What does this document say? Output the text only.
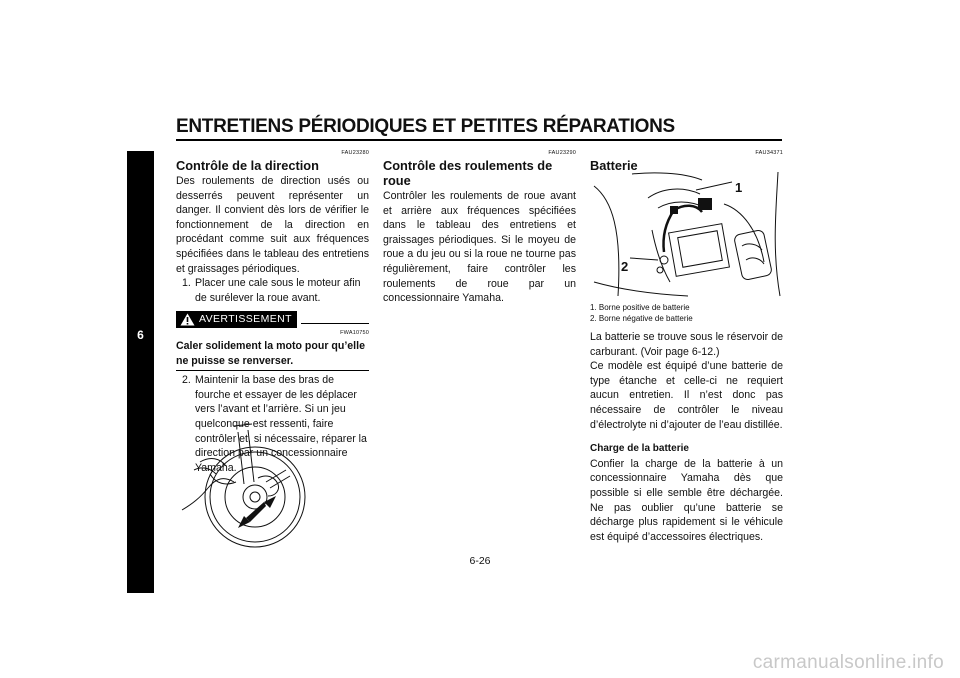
ENTRETIENS PÉRIODIQUES ET PETITES RÉPARATIONS
6
FAU23280
Contrôle de la direction

Des roulements de direction usés ou desserrés peuvent représenter un danger. Il convient dès lors de vérifier le fonctionnement de la direction en procédant comme suit aux fréquences spécifiées dans le tableau des entretiens et graissages périodiques.

1. Placer une cale sous le moteur afin de surélever la roue avant.
AVERTISSEMENT
FWA10750
Caler solidement la moto pour qu’elle ne puisse se renverser.
2. Maintenir la base des bras de fourche et essayer de les déplacer vers l’avant et l’arrière. Si un jeu quelconque est ressenti, faire contrôler et, si nécessaire, réparer la direction par un concessionnaire Yamaha.
FAU23290
Contrôle des roulements de roue

Contrôler les roulements de roue avant et arrière aux fréquences spécifiées dans le tableau des entretiens et graissages périodiques. Si le moyeu de roue a du jeu ou si la roue ne tourne pas régulièrement, faire contrôler les roulements de roue par un concessionnaire Yamaha.

FAU34371
Batterie
1. Borne positive de batterie
2. Borne négative de batterie

La batterie se trouve sous le réservoir de carburant. (Voir page 6-12.)

Ce modèle est équipé d’une batterie de type étanche et celle-ci ne requiert aucun entretien. Il n’est donc pas nécessaire de contrôler le niveau d’électrolyte ni d’ajouter de l’eau distillée.

Charge de la batterie

Confier la charge de la batterie à un concessionnaire Yamaha dès que possible si elle semble être déchargée. Ne pas oublier qu’une batterie se décharge plus rapidement si le véhicule est équipé d’accessoires électriques.

1
2
6-26
carmanualsonline.info
